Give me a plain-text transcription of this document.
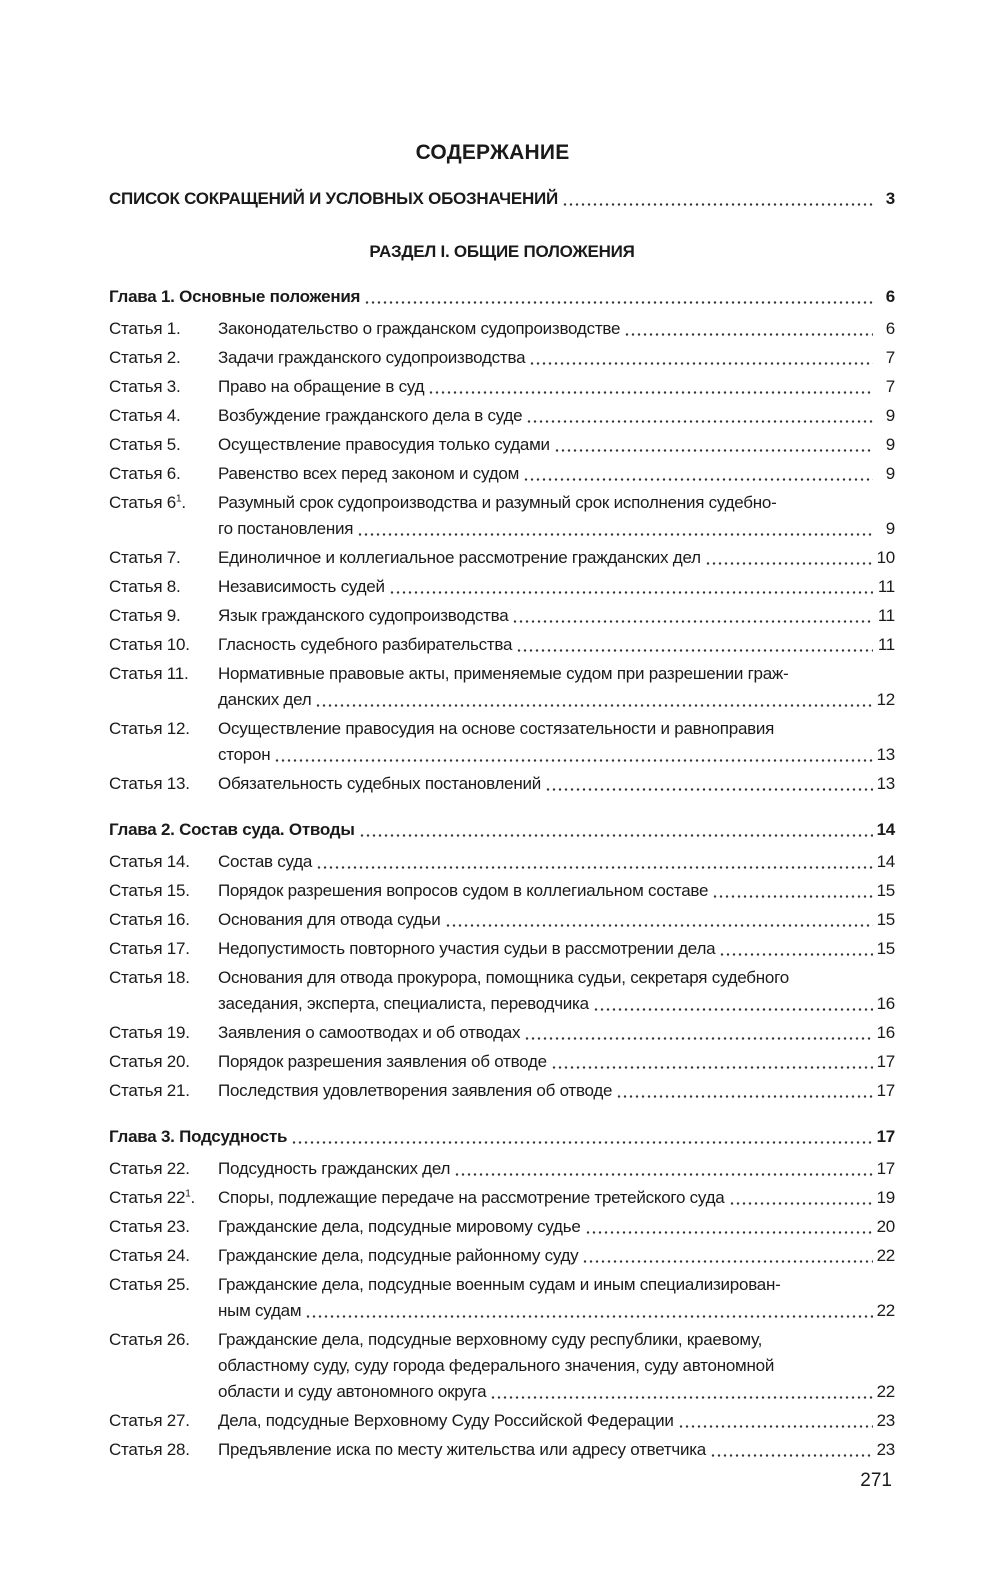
СОДЕРЖАНИЕ
СПИСОК СОКРАЩЕНИЙ И УСЛОВНЫХ ОБОЗНАЧЕНИЙ	3
РАЗДЕЛ I. ОБЩИЕ ПОЛОЖЕНИЯ
Глава 1. Основные положения	6
Статья 1.	Законодательство о гражданском судопроизводстве	6
Статья 2.	Задачи гражданского судопроизводства	7
Статья 3.	Право на обращение в суд	7
Статья 4.	Возбуждение гражданского дела в суде	9
Статья 5.	Осуществление правосудия только судами	9
Статья 6.	Равенство всех перед законом и судом	9
Статья $6^1$.	Разумный срок судопроизводства и разумный срок исполнения судебно-
го постановления	9
Статья 7.	Единоличное и коллегиальное рассмотрение гражданских дел	10
Статья 8.	Независимость судей	11
Статья 9.	Язык гражданского судопроизводства	11
Статья 10.	Гласность судебного разбирательства	11
Статья 11.	Нормативные правовые акты, применяемые судом при разрешении граж-
данских дел	12
Статья 12.	Осуществление правосудия на основе состязательности и равноправия
сторон	13
Статья 13.	Обязательность судебных постановлений	13
Глава 2. Состав суда. Отводы	14
Статья 14.	Состав суда	14
Статья 15.	Порядок разрешения вопросов судом в коллегиальном составе	15
Статья 16.	Основания для отвода судьи	15
Статья 17.	Недопустимость повторного участия судьи в рассмотрении дела	15
Статья 18.	Основания для отвода прокурора, помощника судьи, секретаря судебного
заседания, эксперта, специалиста, переводчика	16
Статья 19.	Заявления о самоотводах и об отводах	16
Статья 20.	Порядок разрешения заявления об отводе	17
Статья 21.	Последствия удовлетворения заявления об отводе	17
Глава 3. Подсудность	17
Статья 22.	Подсудность гражданских дел	17
Статья $22^1$.	Споры, подлежащие передаче на рассмотрение третейского суда	19
Статья 23.	Гражданские дела, подсудные мировому судье	20
Статья 24.	Гражданские дела, подсудные районному суду	22
Статья 25.	Гражданские дела, подсудные военным судам и иным специализирован-
ным судам	22
Статья 26.	Гражданские дела, подсудные верховному суду республики, краевому,
областному суду, суду города федерального значения, суду автономной
области и суду автономного округа	22
Статья 27.	Дела, подсудные Верховному Суду Российской Федерации	23
Статья 28.	Предъявление иска по месту жительства или адресу ответчика	23
271
